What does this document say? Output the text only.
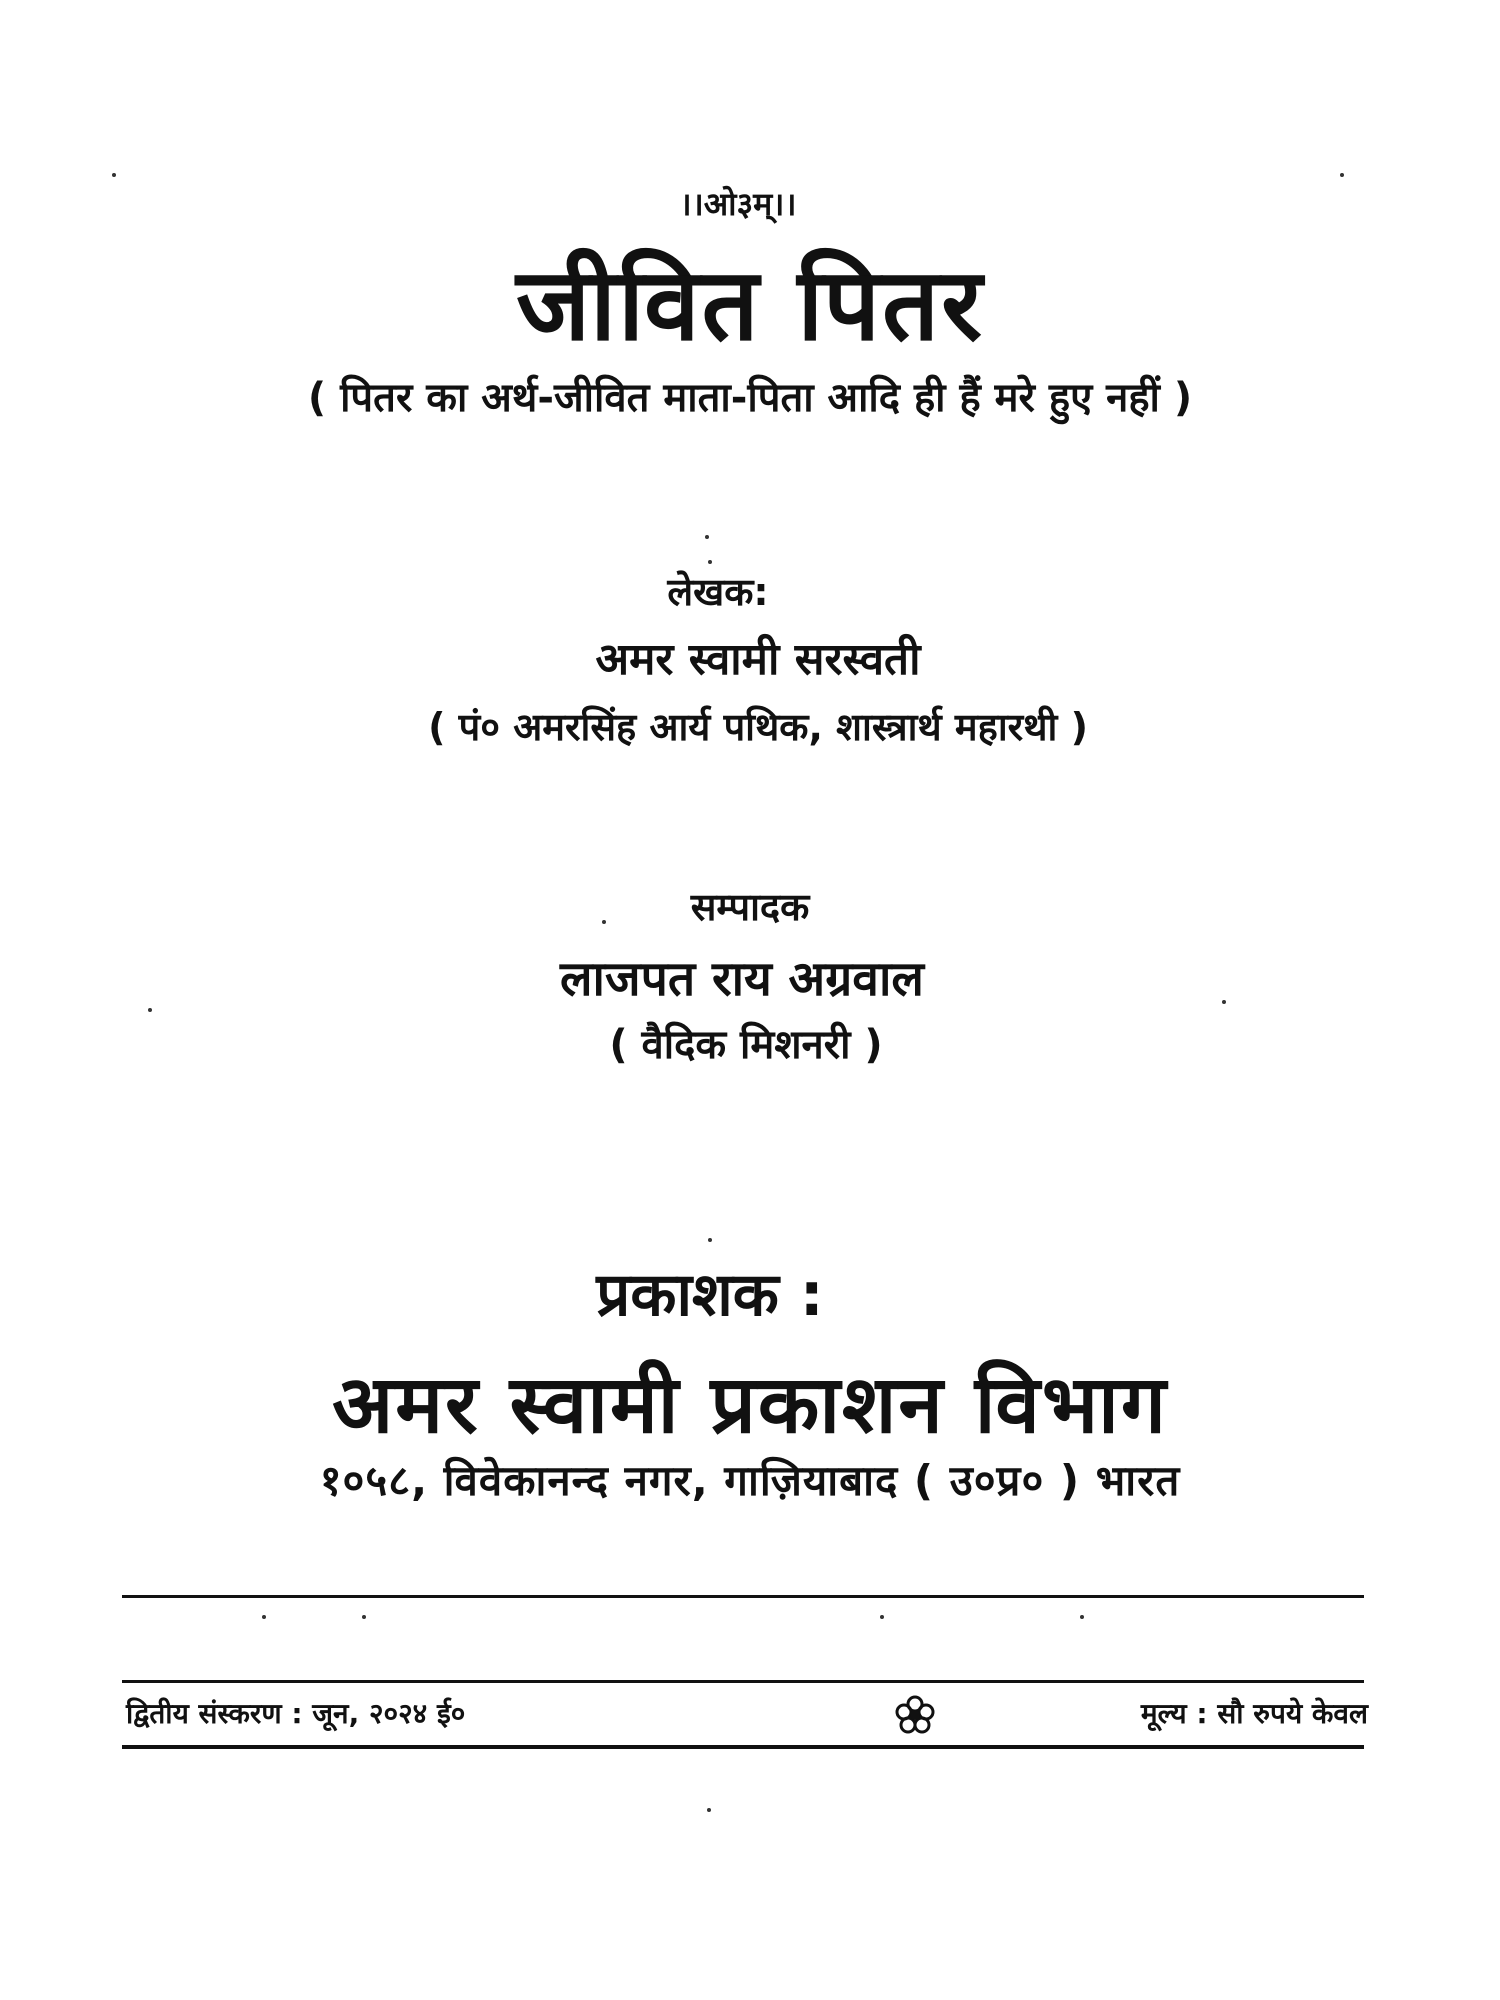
।।ओ३म्।।
जीवित पितर
( पितर का अर्थ-जीवित माता-पिता आदि ही हैं मरे हुए नहीं )
लेखक:
अमर स्वामी सरस्वती
( पं० अमरसिंह आर्य पथिक, शास्त्रार्थ महारथी )
सम्पादक
लाजपत राय अग्रवाल
( वैदिक मिशनरी )
प्रकाशक :
अमर स्वामी प्रकाशन विभाग
१०५८, विवेकानन्द नगर, गाज़ियाबाद ( उ०प्र० ) भारत
द्वितीय संस्करण : जून, २०२४ ई०	मूल्य : सौ रुपये केवल
